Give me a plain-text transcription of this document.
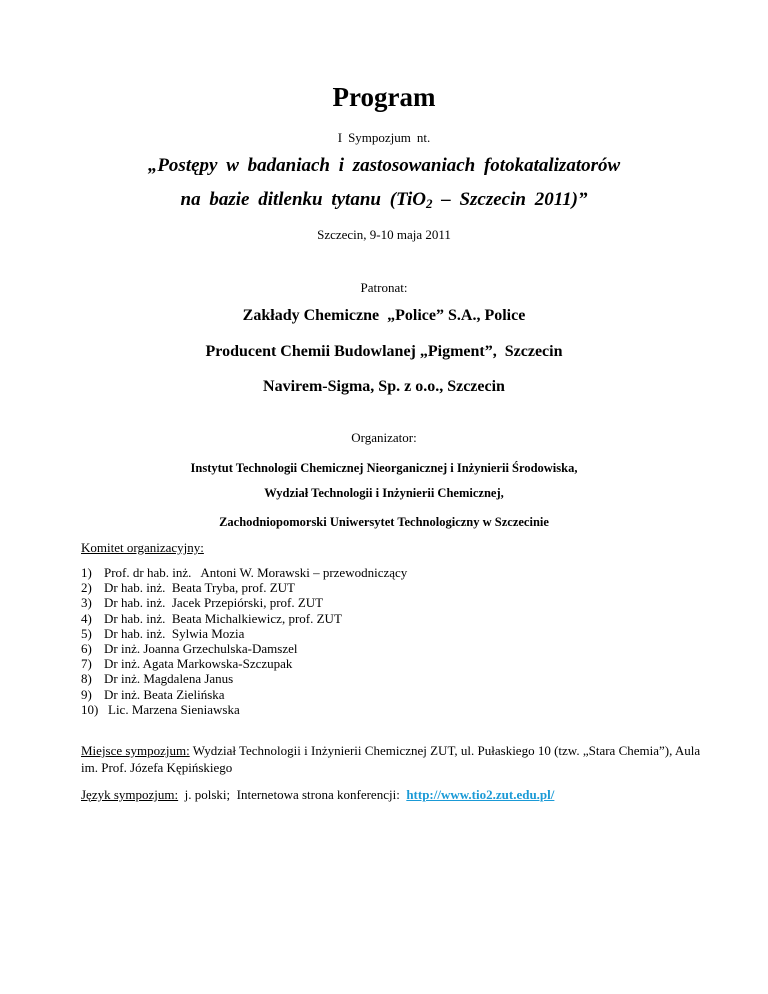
Program
I Sympozjum nt.
„Postępy w badaniach i zastosowaniach fotokatalizatorów
na bazie ditlenku tytanu (TiO$_2$ – Szczecin 2011)”
Szczecin, 9-10 maja 2011
Patronat:
Zakłady Chemiczne  „Police” S.A., Police
Producent Chemii Budowlanej „Pigment”,  Szczecin
Navirem-Sigma, Sp. z o.o., Szczecin
Organizator:
Instytut Technologii Chemicznej Nieorganicznej i Inżynierii Środowiska,
Wydział Technologii i Inżynierii Chemicznej,
Zachodniopomorski Uniwersytet Technologiczny w Szczecinie
Komitet organizacyjny:
1) Prof. dr hab. inż.   Antoni W. Morawski – przewodniczący
2) Dr hab. inż.  Beata Tryba, prof. ZUT
3) Dr hab. inż.  Jacek Przepiórski, prof. ZUT
4) Dr hab. inż.  Beata Michalkiewicz, prof. ZUT
5) Dr hab. inż.  Sylwia Mozia
6) Dr inż. Joanna Grzechulska-Damszel
7) Dr inż. Agata Markowska-Szczupak
8) Dr inż. Magdalena Janus
9) Dr inż. Beata Zielińska
10) Lic. Marzena Sieniawska
Miejsce sympozjum: Wydział Technologii i Inżynierii Chemicznej ZUT, ul. Pułaskiego 10 (tzw. „Stara Chemia”), Aula im. Prof. Józefa Kępińskiego
Język sympozjum:  j. polski;  Internetowa strona konferencji:  http://www.tio2.zut.edu.pl/
